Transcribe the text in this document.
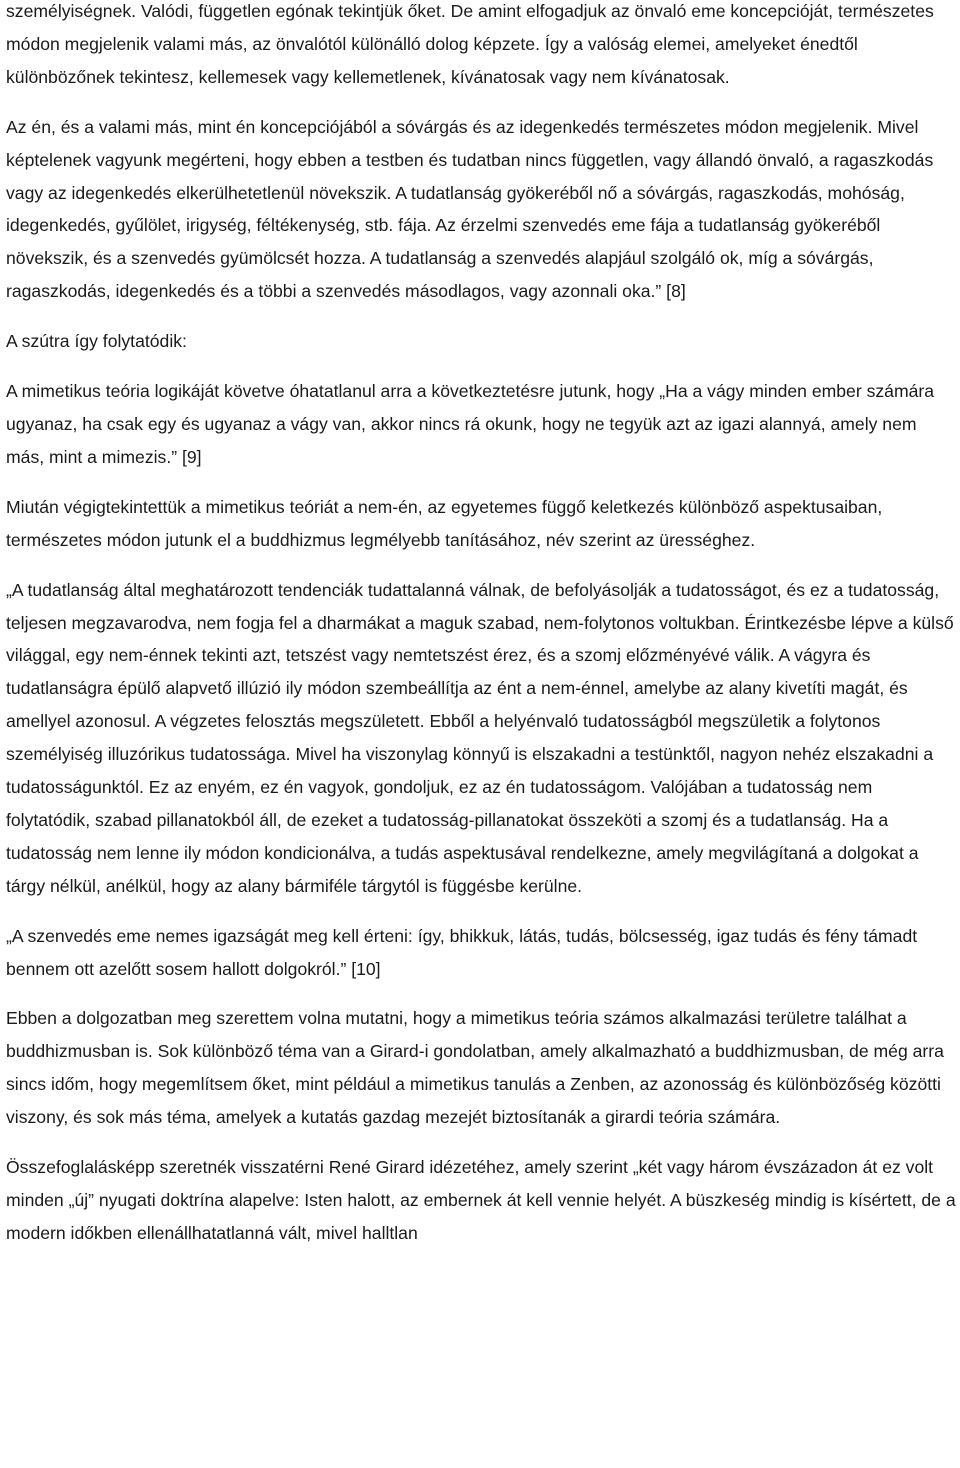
személyiségnek. Valódi, független egónak tekintjük őket. De amint elfogadjuk az önvaló eme koncepcióját, természetes módon megjelenik valami más, az önvalótól különálló dolog képzete. Így a valóság elemei, amelyeket énedtől különbözőnek tekintesz, kellemesek vagy kellemetlenek, kívánatosak vagy nem kívánatosak.

Az én, és a valami más, mint én koncepciójából a sóvárgás és az idegenkedés természetes módon megjelenik. Mivel képtelenek vagyunk megérteni, hogy ebben a testben és tudatban nincs független, vagy állandó önvaló, a ragaszkodás vagy az idegenkedés elkerülhetetlenül növekszik. A tudatlanság gyökeréből nő a sóvárgás, ragaszkodás, mohóság, idegenkedés, gyűlölet, irigység, féltékenység, stb. fája. Az érzelmi szenvedés eme fája a tudatlanság gyökeréből növekszik, és a szenvedés gyümölcsét hozza. A tudatlanság a szenvedés alapjául szolgáló ok, míg a sóvárgás, ragaszkodás, idegenkedés és a többi a szenvedés másodlagos, vagy azonnali oka.” [8]

A szútra így folytatódik:

A mimetikus teória logikáját követve óhatatlanul arra a következtetésre jutunk, hogy „Ha a vágy minden ember számára ugyanaz, ha csak egy és ugyanaz a vágy van, akkor nincs rá okunk, hogy ne tegyük azt az igazi alannyá, amely nem más, mint a mimezis.” [9]

Miután végigtekintettük a mimetikus teóriát a nem-én, az egyetemes függő keletkezés különböző aspektusaiban, természetes módon jutunk el a buddhizmus legmélyebb tanításához, név szerint az ürességhez.

„A tudatlanság által meghatározott tendenciák tudattalanná válnak, de befolyásolják a tudatosságot, és ez a tudatosság, teljesen megzavarodva, nem fogja fel a dharmákat a maguk szabad, nem-folytonos voltukban. Érintkezésbe lépve a külső világgal, egy nem-énnek tekinti azt, tetszést vagy nemtetszést érez, és a szomj előzményévé válik. A vágyra és tudatlanságra épülő alapvető illúzió ily módon szembeállítja az ént a nem-énnel, amelybe az alany kivetíti magát, és amellyel azonosul. A végzetes felosztás megszületett. Ebből a helyénvaló tudatosságból megszületik a folytonos személyiség illuzórikus tudatossága. Mivel ha viszonylag könnyű is elszakadni a testünktől, nagyon nehéz elszakadni a tudatosságunktól. Ez az enyém, ez én vagyok, gondoljuk, ez az én tudatosságom. Valójában a tudatosság nem folytatódik, szabad pillanatokból áll, de ezeket a tudatosság-pillanatokat összeköti a szomj és a tudatlanság. Ha a tudatosság nem lenne ily módon kondicionálva, a tudás aspektusával rendelkezne, amely megvilágítaná a dolgokat a tárgy nélkül, anélkül, hogy az alany bármiféle tárgytól is függésbe kerülne.

„A szenvedés eme nemes igazságát meg kell érteni: így, bhikkuk, látás, tudás, bölcsesség, igaz tudás és fény támadt bennem ott azelőtt sosem hallott dolgokról.” [10]

Ebben a dolgozatban meg szerettem volna mutatni, hogy a mimetikus teória számos alkalmazási területre találhat a buddhizmusban is. Sok különböző téma van a Girard-i gondolatban, amely alkalmazható a buddhizmusban, de még arra sincs időm, hogy megemlítsem őket, mint például a mimetikus tanulás a Zenben, az azonosság és különbözőség közötti viszony, és sok más téma, amelyek a kutatás gazdag mezejét biztosítanák a girardi teória számára.

Összefoglalásképp szeretnék visszatérni René Girard idézetéhez, amely szerint „két vagy három évszázadon át ez volt minden „új” nyugati doktrína alapelve: Isten halott, az embernek át kell vennie helyét. A büszkeség mindig is kísértett, de a modern időkben ellenállhatatlanná vált, mivel halltlan
